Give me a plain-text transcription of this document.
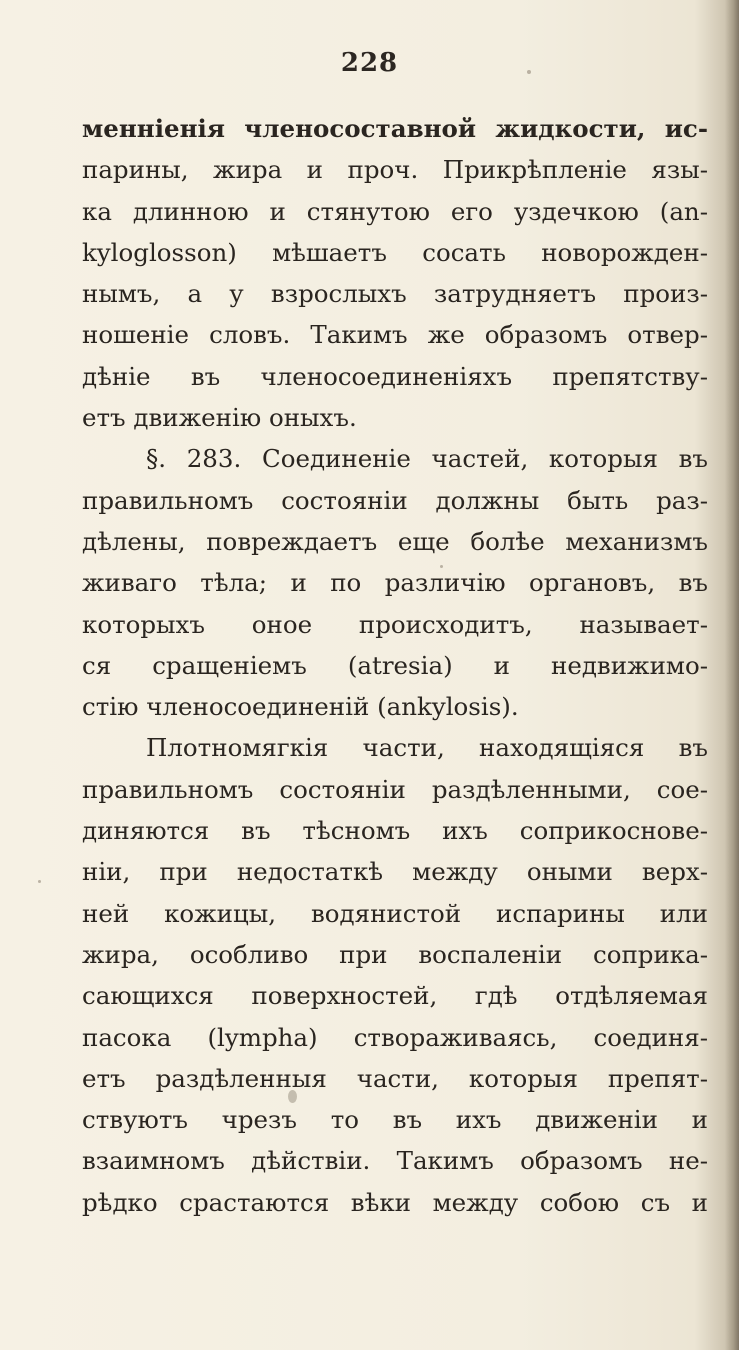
228
менніенія членосоставной жидкости, ис-
парины, жира и проч. Прикрѣпленіе язы-
ка длинною и стянутою его уздечкою (an-
kyloglosson) мѣшаетъ сосать новорожден-
нымъ, а у взрослыхъ затрудняетъ произ-
ношеніе словъ. Такимъ же образомъ отвер-
дѣніе въ членосоединеніяхъ препятству-
етъ движенію оныхъ.
§. 283. Соединеніе частей, которыя въ
правильномъ состояніи должны быть раз-
дѣлены, повреждаетъ еще болѣе механизмъ
живаго тѣла; и по различію органовъ, въ
которыхъ оное происходитъ, называет-
ся сращеніемъ (atresia) и недвижимо-
стію членосоединеній (ankylosis).
Плотномягкія части, находящіяся въ
правильномъ состояніи раздѣленными, сое-
диняются въ тѣсномъ ихъ соприкоснове-
ніи, при недостаткѣ между оными верх-
ней кожицы, водянистой испарины или
жира, особливо при воспаленіи соприка-
сающихся поверхностей, гдѣ отдѣляемая
пасока (lympha) створаживаясь, соединя-
етъ раздѣленныя части, которыя препят-
ствуютъ чрезъ то въ ихъ движеніи и
взаимномъ дѣйствіи. Такимъ образомъ не-
рѣдко срастаются вѣки между собою съ и
